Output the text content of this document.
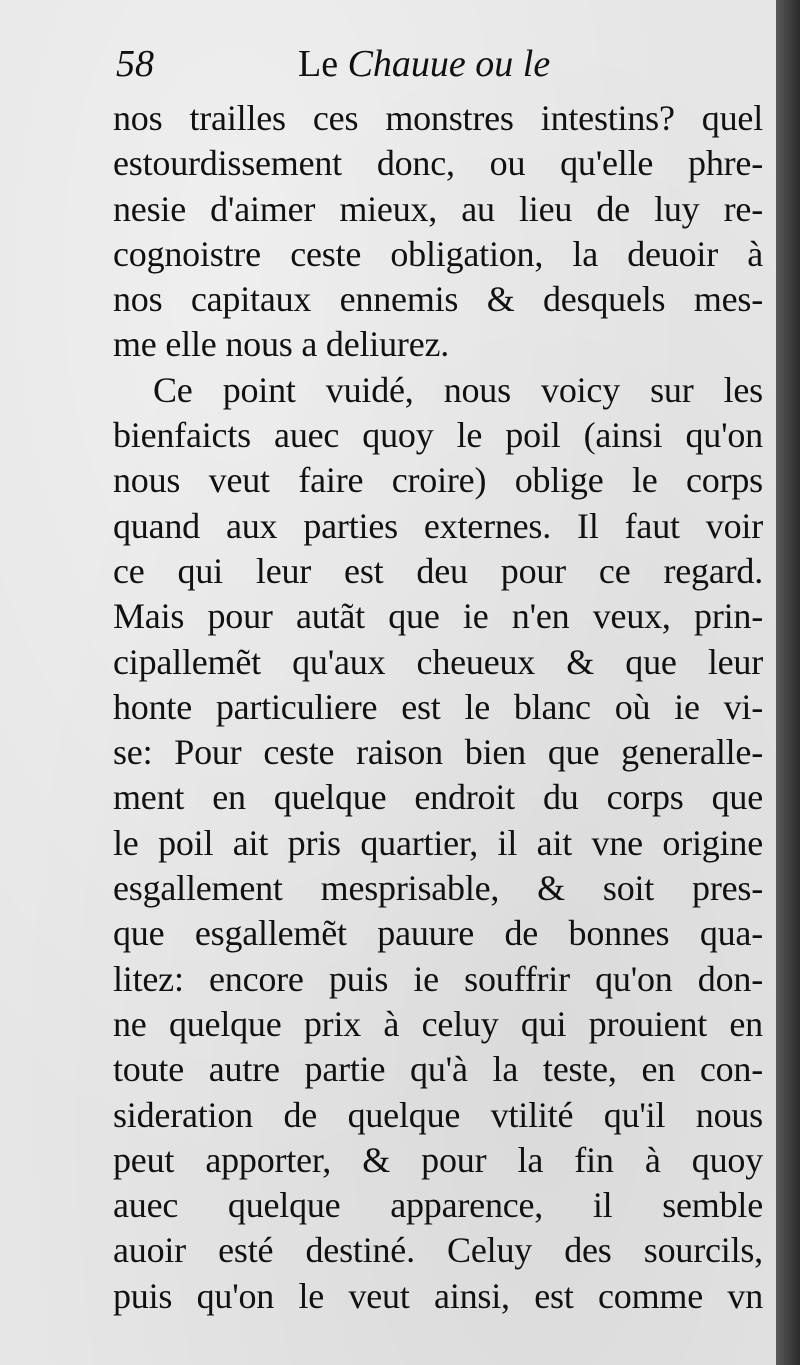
58	Le Chauue ou le
nos trailles ces monstres intestins? quel
estourdissement donc, ou qu'elle phre-
nesie d'aimer mieux, au lieu de luy re-
cognoistre ceste obligation, la deuoir à
nos capitaux ennemis & desquels mes-
me elle nous a deliurez.
Ce point vuidé, nous voicy sur les
bienfaicts auec quoy le poil (ainsi qu'on
nous veut faire croire) oblige le corps
quand aux parties externes. Il faut voir
ce qui leur est deu pour ce regard.
Mais pour autãt que ie n'en veux, prin-
cipallemẽt qu'aux cheueux & que leur
honte particuliere est le blanc où ie vi-
se: Pour ceste raison bien que generalle-
ment en quelque endroit du corps que
le poil ait pris quartier, il ait vne origine
esgallement mesprisable, & soit pres-
que esgallemẽt pauure de bonnes qua-
litez: encore puis ie souffrir qu'on don-
ne quelque prix à celuy qui prouient en
toute autre partie qu'à la teste, en con-
sideration de quelque vtilité qu'il nous
peut apporter, & pour la fin à quoy
auec quelque apparence, il semble
auoir esté destiné. Celuy des sourcils,
puis qu'on le veut ainsi, est comme vn
